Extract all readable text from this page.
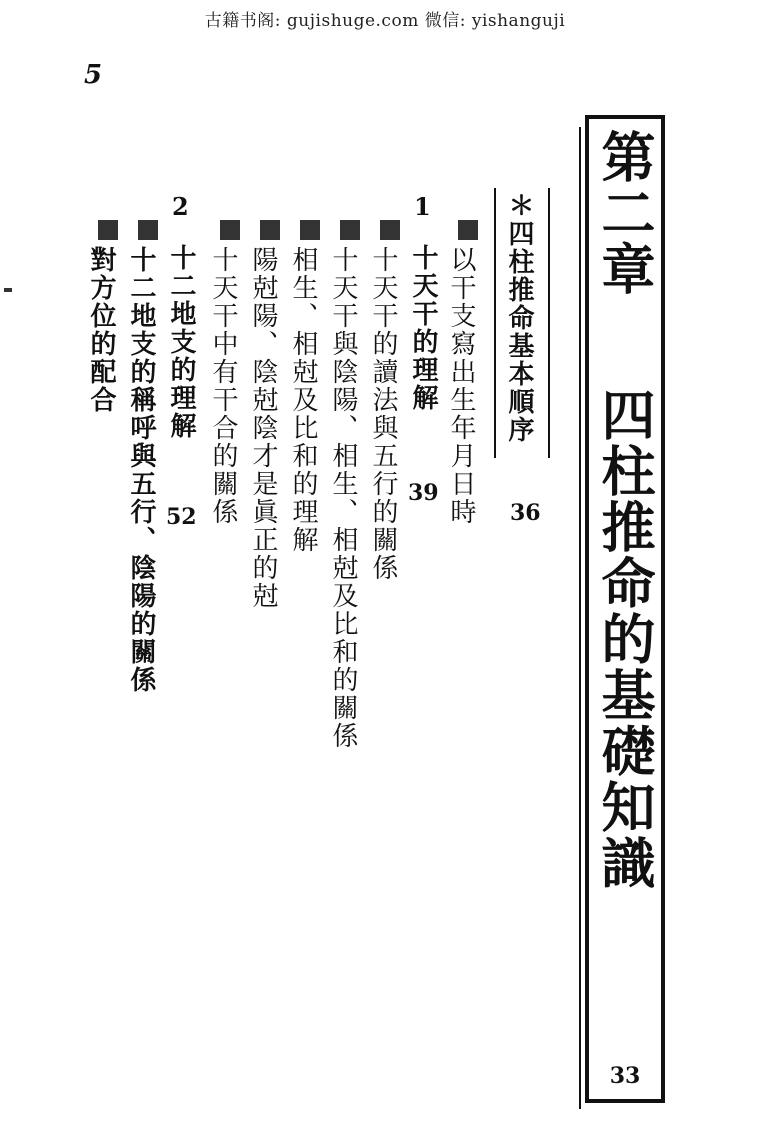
古籍书阁: gujishuge.com 微信: yishanguji
5
第二章四柱推命的基礎知識
33
＊四柱推命基本順序
36
以干支寫出生年月日時
1
十天干的理解
39
十天干的讀法與五行的關係
十天干與陰陽、相生、相尅及比和的關係
相生、相尅及比和的理解
陽尅陽、陰尅陰才是眞正的尅
十天干中有干合的關係
2
十二地支的理解
52
十二地支的稱呼與五行、陰陽的關係
對方位的配合
